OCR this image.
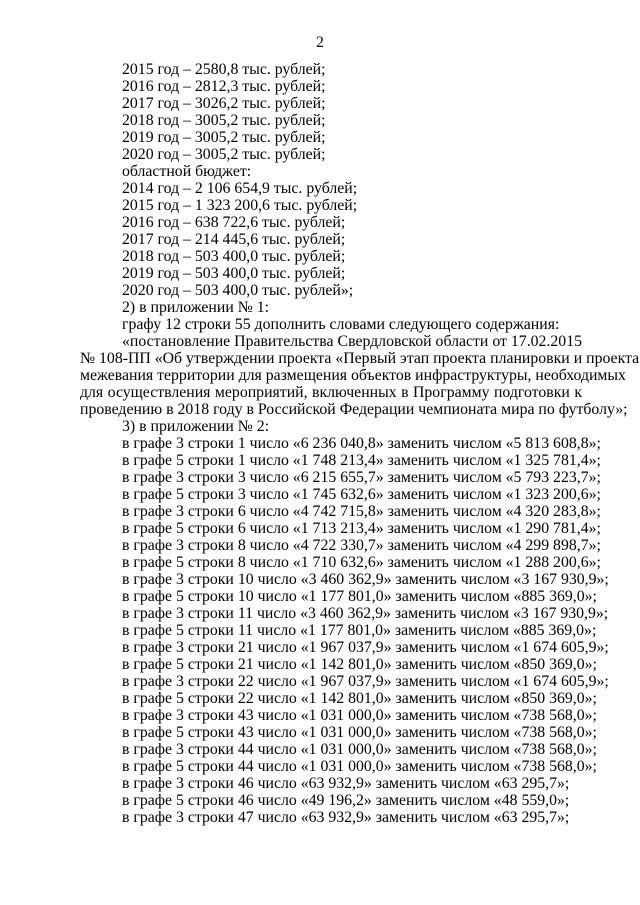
2
2015 год – 2580,8 тыс. рублей;
2016 год – 2812,3 тыс. рублей;
2017 год – 3026,2 тыс. рублей;
2018 год – 3005,2 тыс. рублей;
2019 год – 3005,2 тыс. рублей;
2020 год – 3005,2 тыс. рублей;
областной бюджет:
2014 год – 2 106 654,9 тыс. рублей;
2015 год – 1 323 200,6 тыс. рублей;
2016 год – 638 722,6 тыс. рублей;
2017 год – 214 445,6 тыс. рублей;
2018 год – 503 400,0 тыс. рублей;
2019 год – 503 400,0 тыс. рублей;
2020 год – 503 400,0 тыс. рублей»;
2) в приложении № 1:
графу 12 строки 55 дополнить словами следующего содержания:
«постановление Правительства Свердловской области от 17.02.2015
№ 108-ПП «Об утверждении проекта «Первый этап проекта планировки и проекта
межевания территории для размещения объектов инфраструктуры, необходимых
для осуществления мероприятий, включенных в Программу подготовки к
проведению в 2018 году в Российской Федерации чемпионата мира по футболу»;
3) в приложении № 2:
в графе 3 строки 1 число «6 236 040,8» заменить числом «5 813 608,8»;
в графе 5 строки 1 число «1 748 213,4» заменить числом «1 325 781,4»;
в графе 3 строки 3 число «6 215 655,7» заменить числом «5 793 223,7»;
в графе 5 строки 3 число «1 745 632,6» заменить числом «1 323 200,6»;
в графе 3 строки 6 число «4 742 715,8» заменить числом «4 320 283,8»;
в графе 5 строки 6 число «1 713 213,4» заменить числом «1 290 781,4»;
в графе 3 строки 8 число «4 722 330,7» заменить числом «4 299 898,7»;
в графе 5 строки 8 число «1 710 632,6» заменить числом «1 288 200,6»;
в графе 3 строки 10 число «3 460 362,9» заменить числом «3 167 930,9»;
в графе 5 строки 10 число «1 177 801,0» заменить числом «885 369,0»;
в графе 3 строки 11 число «3 460 362,9» заменить числом «3 167 930,9»;
в графе 5 строки 11 число «1 177 801,0» заменить числом «885 369,0»;
в графе 3 строки 21 число «1 967 037,9» заменить числом «1 674 605,9»;
в графе 5 строки 21 число «1 142 801,0» заменить числом «850 369,0»;
в графе 3 строки 22 число «1 967 037,9» заменить числом «1 674 605,9»;
в графе 5 строки 22 число «1 142 801,0» заменить числом «850 369,0»;
в графе 3 строки 43 число «1 031 000,0» заменить числом «738 568,0»;
в графе 5 строки 43 число «1 031 000,0» заменить числом «738 568,0»;
в графе 3 строки 44 число «1 031 000,0» заменить числом «738 568,0»;
в графе 5 строки 44 число «1 031 000,0» заменить числом «738 568,0»;
в графе 3 строки 46 число «63 932,9» заменить числом «63 295,7»;
в графе 5 строки 46 число «49 196,2» заменить числом «48 559,0»;
в графе 3 строки 47 число «63 932,9» заменить числом «63 295,7»;
